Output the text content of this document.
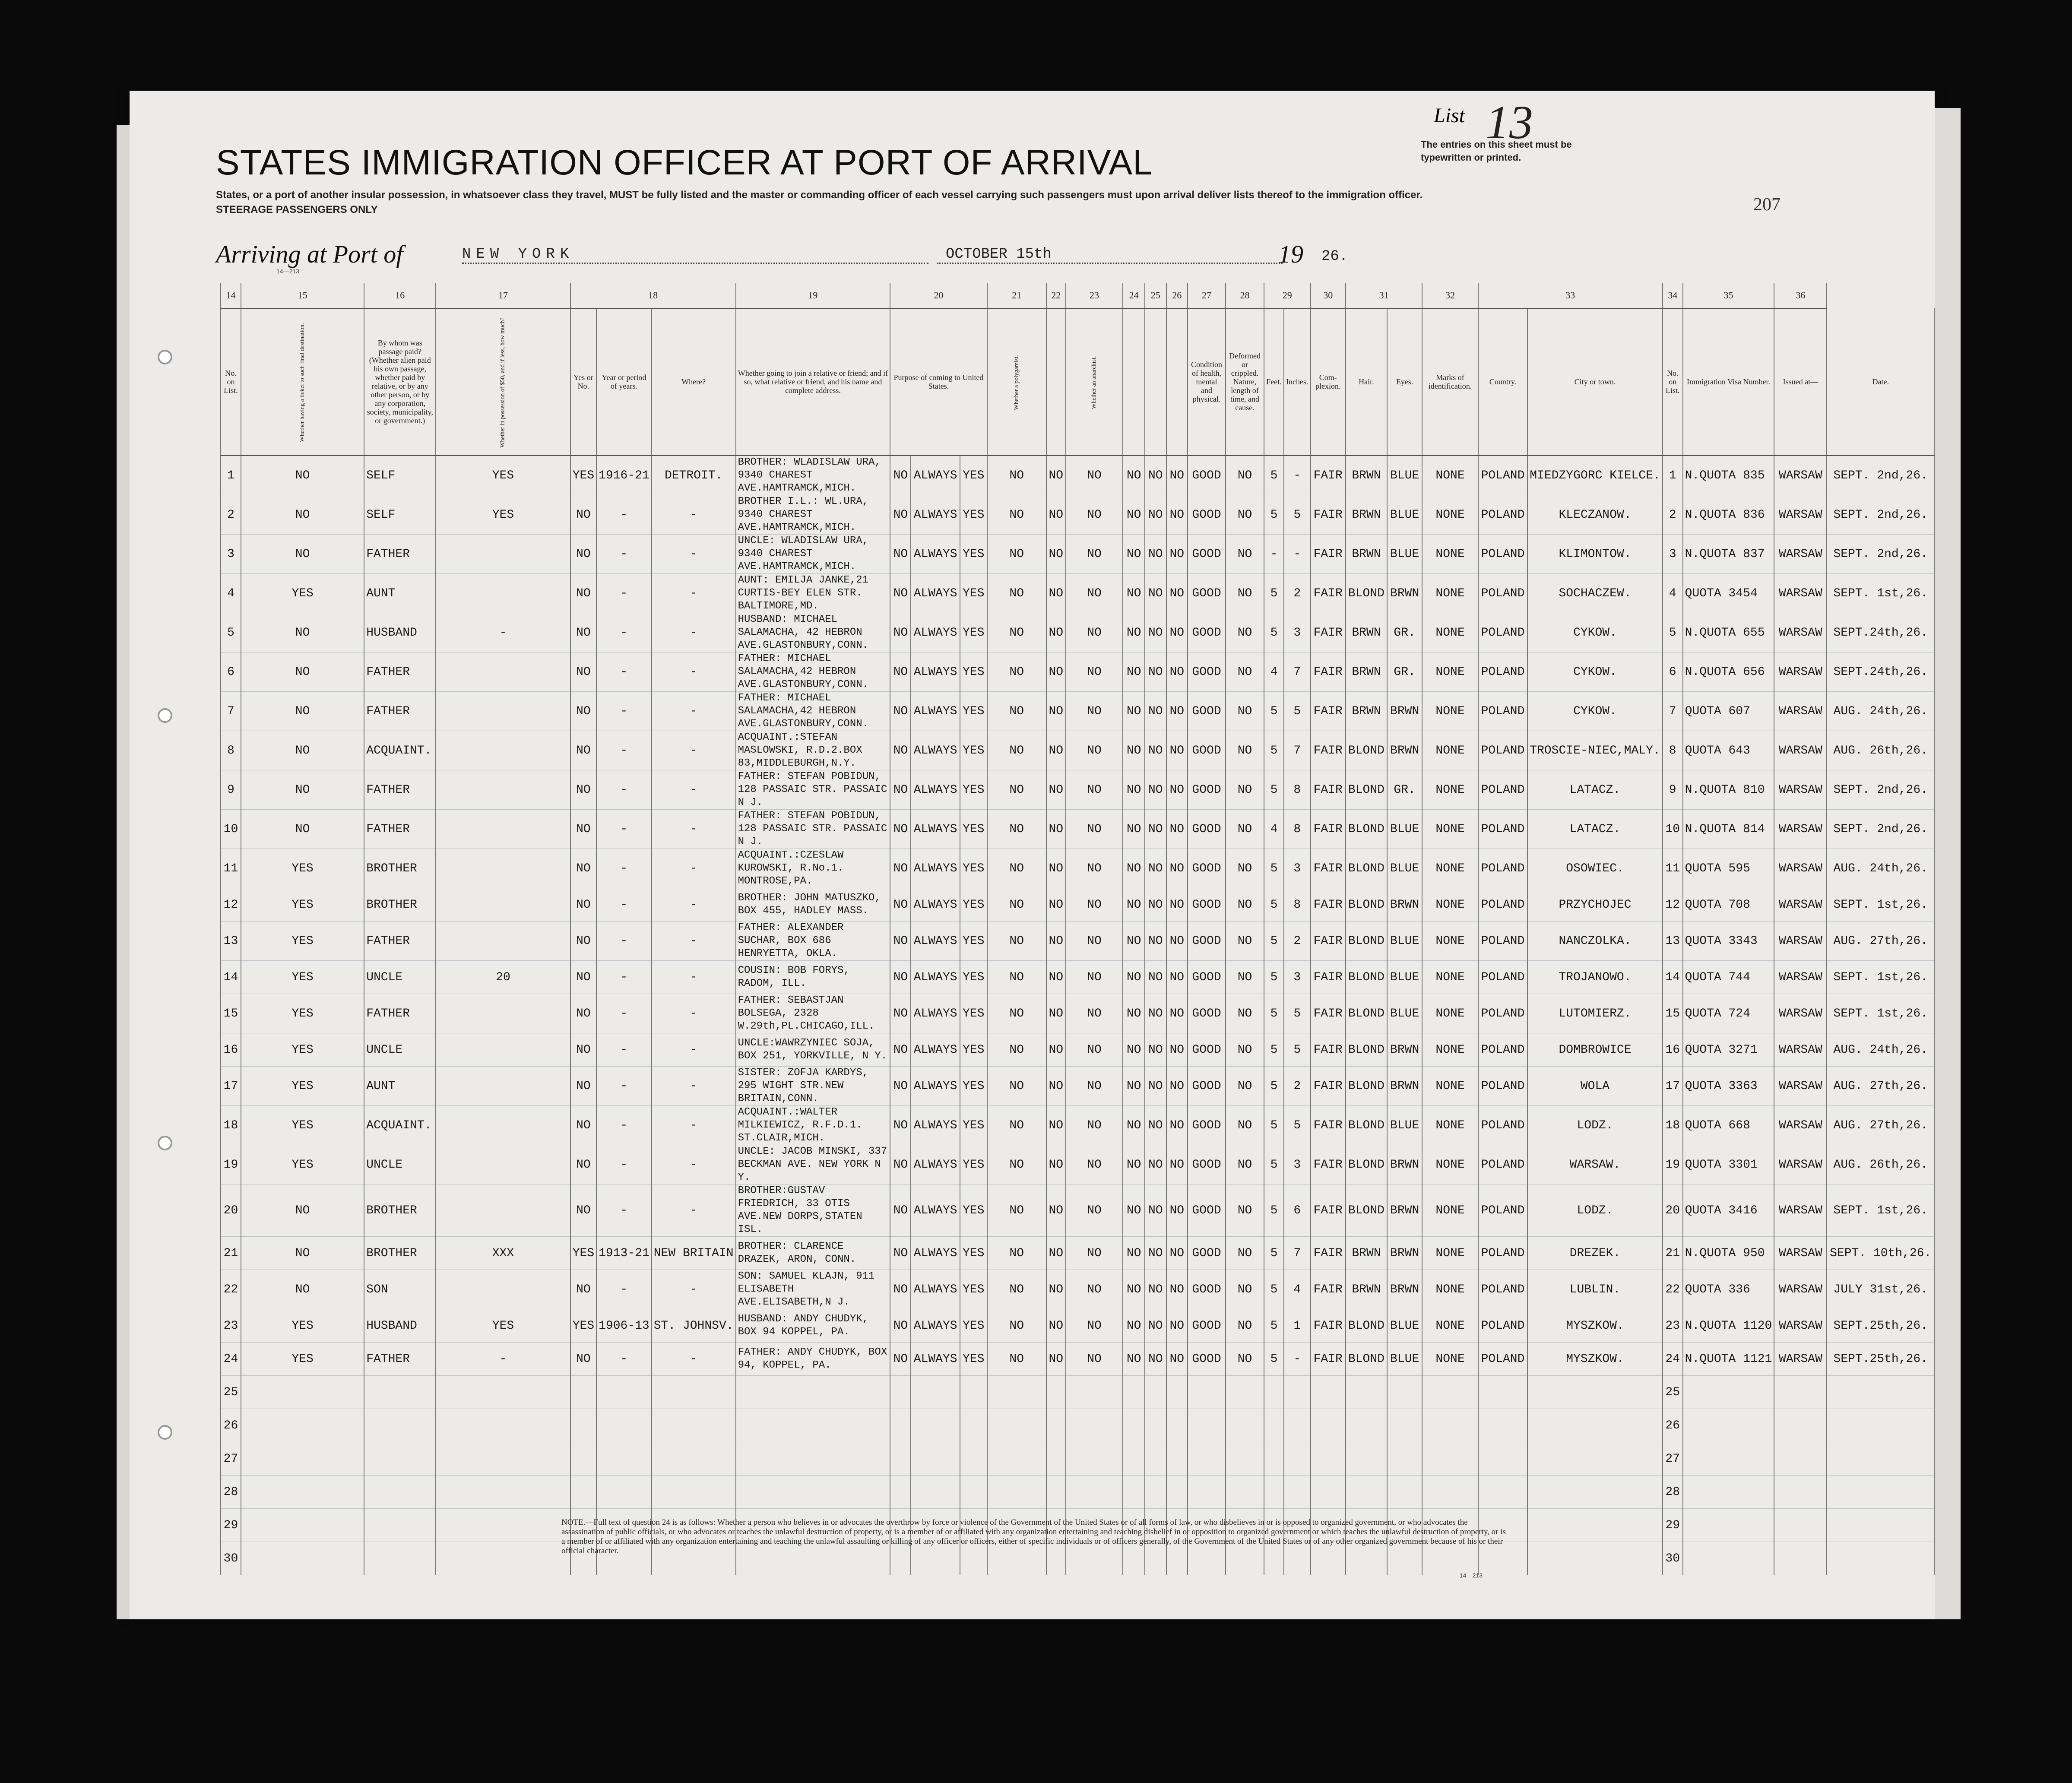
List 13
The entries on this sheet must be typewritten or printed.
207
STATES IMMIGRATION OFFICER AT PORT OF ARRIVAL
States, or a port of another insular possession, in whatsoever class they travel, MUST be fully listed and the master or commanding officer of each vessel carrying such passengers must upon arrival deliver lists thereof to the immigration officer.
STEERAGE PASSENGERS ONLY
Arriving at Port of	NEW YORK	OCTOBER 15th	19 26.
14—213
14	15	16	17	18			19	20			21	22	23	24	25	26	27	28	29		30	31		32	33		34	35	36	
No. on List.	Whether having a ticket to such final destination.	By whom was passage paid? (Whether alien paid his own passage, whether paid by relative, or by any other person, or by any corporation, society, municipality, or government.)	Whether in possession of $50, and if less, how much?	Yes or No.	Year or period of years.	Where?	Whether going to join a relative or friend; and if so, what relative or friend, and his name and complete address.	Purpose of coming to United States.			Whether a polygamist.		Whether an anarchist.				Condition of health, mental and physical.	Deformed or crippled. Nature, length of time, and cause.	Feet.	Inches.	Com-plexion.	Hair.	Eyes.	Marks of identification.	Country.	City or town.	No. on List.	Immigration Visa Number.	Issued at—	Date.
1	NO	SELF	YES	YES	1916-21	DETROIT.	BROTHER: WLADISLAW URA, 9340 CHAREST AVE.HAMTRAMCK,MICH.	NO	ALWAYS	YES	NO	NO	NO	NO	NO	NO	GOOD	NO	5	-	FAIR	BRWN	BLUE	NONE	POLAND	MIEDZYGORC KIELCE.	1	N.QUOTA 835	WARSAW	SEPT. 2nd,26.
2	NO	SELF	YES	NO	-	-	BROTHER I.L.: WL.URA, 9340 CHAREST AVE.HAMTRAMCK,MICH.	NO	ALWAYS	YES	NO	NO	NO	NO	NO	NO	GOOD	NO	5	5	FAIR	BRWN	BLUE	NONE	POLAND	KLECZANOW.	2	N.QUOTA 836	WARSAW	SEPT. 2nd,26.
3	NO	FATHER		NO	-	-	UNCLE: WLADISLAW URA, 9340 CHAREST AVE.HAMTRAMCK,MICH.	NO	ALWAYS	YES	NO	NO	NO	NO	NO	NO	GOOD	NO	-	-	FAIR	BRWN	BLUE	NONE	POLAND	KLIMONTOW.	3	N.QUOTA 837	WARSAW	SEPT. 2nd,26.
4	YES	AUNT		NO	-	-	AUNT: EMILJA JANKE,21 CURTIS-BEY ELEN STR. BALTIMORE,MD.	NO	ALWAYS	YES	NO	NO	NO	NO	NO	NO	GOOD	NO	5	2	FAIR	BLOND	BRWN	NONE	POLAND	SOCHACZEW.	4	QUOTA 3454	WARSAW	SEPT. 1st,26.
5	NO	HUSBAND	-	NO	-	-	HUSBAND: MICHAEL SALAMACHA, 42 HEBRON AVE.GLASTONBURY,CONN.	NO	ALWAYS	YES	NO	NO	NO	NO	NO	NO	GOOD	NO	5	3	FAIR	BRWN	GR.	NONE	POLAND	CYKOW.	5	N.QUOTA 655	WARSAW	SEPT.24th,26.
6	NO	FATHER		NO	-	-	FATHER: MICHAEL SALAMACHA,42 HEBRON AVE.GLASTONBURY,CONN.	NO	ALWAYS	YES	NO	NO	NO	NO	NO	NO	GOOD	NO	4	7	FAIR	BRWN	GR.	NONE	POLAND	CYKOW.	6	N.QUOTA 656	WARSAW	SEPT.24th,26.
7	NO	FATHER		NO	-	-	FATHER: MICHAEL SALAMACHA,42 HEBRON AVE.GLASTONBURY,CONN.	NO	ALWAYS	YES	NO	NO	NO	NO	NO	NO	GOOD	NO	5	5	FAIR	BRWN	BRWN	NONE	POLAND	CYKOW.	7	QUOTA 607	WARSAW	AUG. 24th,26.
8	NO	ACQUAINT.		NO	-	-	ACQUAINT.:STEFAN MASLOWSKI, R.D.2.BOX 83,MIDDLEBURGH,N.Y.	NO	ALWAYS	YES	NO	NO	NO	NO	NO	NO	GOOD	NO	5	7	FAIR	BLOND	BRWN	NONE	POLAND	TROSCIE-NIEC,MALY.	8	QUOTA 643	WARSAW	AUG. 26th,26.
9	NO	FATHER		NO	-	-	FATHER: STEFAN POBIDUN, 128 PASSAIC STR. PASSAIC N J.	NO	ALWAYS	YES	NO	NO	NO	NO	NO	NO	GOOD	NO	5	8	FAIR	BLOND	GR.	NONE	POLAND	LATACZ.	9	N.QUOTA 810	WARSAW	SEPT. 2nd,26.
10	NO	FATHER		NO	-	-	FATHER: STEFAN POBIDUN, 128 PASSAIC STR. PASSAIC N J.	NO	ALWAYS	YES	NO	NO	NO	NO	NO	NO	GOOD	NO	4	8	FAIR	BLOND	BLUE	NONE	POLAND	LATACZ.	10	N.QUOTA 814	WARSAW	SEPT. 2nd,26.
11	YES	BROTHER		NO	-	-	ACQUAINT.:CZESLAW KUROWSKI, R.No.1. MONTROSE,PA.	NO	ALWAYS	YES	NO	NO	NO	NO	NO	NO	GOOD	NO	5	3	FAIR	BLOND	BLUE	NONE	POLAND	OSOWIEC.	11	QUOTA 595	WARSAW	AUG. 24th,26.
12	YES	BROTHER		NO	-	-	BROTHER: JOHN MATUSZKO, BOX 455, HADLEY MASS.	NO	ALWAYS	YES	NO	NO	NO	NO	NO	NO	GOOD	NO	5	8	FAIR	BLOND	BRWN	NONE	POLAND	PRZYCHOJEC	12	QUOTA 708	WARSAW	SEPT. 1st,26.
13	YES	FATHER		NO	-	-	FATHER: ALEXANDER SUCHAR, BOX 686 HENRYETTA, OKLA.	NO	ALWAYS	YES	NO	NO	NO	NO	NO	NO	GOOD	NO	5	2	FAIR	BLOND	BLUE	NONE	POLAND	NANCZOLKA.	13	QUOTA 3343	WARSAW	AUG. 27th,26.
14	YES	UNCLE	20	NO	-	-	COUSIN: BOB FORYS, RADOM, ILL.	NO	ALWAYS	YES	NO	NO	NO	NO	NO	NO	GOOD	NO	5	3	FAIR	BLOND	BLUE	NONE	POLAND	TROJANOWO.	14	QUOTA 744	WARSAW	SEPT. 1st,26.
15	YES	FATHER		NO	-	-	FATHER: SEBASTJAN BOLSEGA, 2328 W.29th,PL.CHICAGO,ILL.	NO	ALWAYS	YES	NO	NO	NO	NO	NO	NO	GOOD	NO	5	5	FAIR	BLOND	BLUE	NONE	POLAND	LUTOMIERZ.	15	QUOTA 724	WARSAW	SEPT. 1st,26.
16	YES	UNCLE		NO	-	-	UNCLE:WAWRZYNIEC SOJA, BOX 251, YORKVILLE, N Y.	NO	ALWAYS	YES	NO	NO	NO	NO	NO	NO	GOOD	NO	5	5	FAIR	BLOND	BRWN	NONE	POLAND	DOMBROWICE	16	QUOTA 3271	WARSAW	AUG. 24th,26.
17	YES	AUNT		NO	-	-	SISTER: ZOFJA KARDYS, 295 WIGHT STR.NEW BRITAIN,CONN.	NO	ALWAYS	YES	NO	NO	NO	NO	NO	NO	GOOD	NO	5	2	FAIR	BLOND	BRWN	NONE	POLAND	WOLA	17	QUOTA 3363	WARSAW	AUG. 27th,26.
18	YES	ACQUAINT.		NO	-	-	ACQUAINT.:WALTER MILKIEWICZ, R.F.D.1. ST.CLAIR,MICH.	NO	ALWAYS	YES	NO	NO	NO	NO	NO	NO	GOOD	NO	5	5	FAIR	BLOND	BLUE	NONE	POLAND	LODZ.	18	QUOTA 668	WARSAW	AUG. 27th,26.
19	YES	UNCLE		NO	-	-	UNCLE: JACOB MINSKI, 337 BECKMAN AVE. NEW YORK N Y.	NO	ALWAYS	YES	NO	NO	NO	NO	NO	NO	GOOD	NO	5	3	FAIR	BLOND	BRWN	NONE	POLAND	WARSAW.	19	QUOTA 3301	WARSAW	AUG. 26th,26.
20	NO	BROTHER		NO	-	-	BROTHER:GUSTAV FRIEDRICH, 33 OTIS AVE.NEW DORPS,STATEN ISL.	NO	ALWAYS	YES	NO	NO	NO	NO	NO	NO	GOOD	NO	5	6	FAIR	BLOND	BRWN	NONE	POLAND	LODZ.	20	QUOTA 3416	WARSAW	SEPT. 1st,26.
21	NO	BROTHER	XXX	YES	1913-21	NEW BRITAIN	BROTHER: CLARENCE DRAZEK, ARON, CONN.	NO	ALWAYS	YES	NO	NO	NO	NO	NO	NO	GOOD	NO	5	7	FAIR	BRWN	BRWN	NONE	POLAND	DREZEK.	21	N.QUOTA 950	WARSAW	SEPT. 10th,26.
22	NO	SON		NO	-	-	SON: SAMUEL KLAJN, 911 ELISABETH AVE.ELISABETH,N J.	NO	ALWAYS	YES	NO	NO	NO	NO	NO	NO	GOOD	NO	5	4	FAIR	BRWN	BRWN	NONE	POLAND	LUBLIN.	22	QUOTA 336	WARSAW	JULY 31st,26.
23	YES	HUSBAND	YES	YES	1906-13	ST. JOHNSV.	HUSBAND: ANDY CHUDYK, BOX 94 KOPPEL, PA.	NO	ALWAYS	YES	NO	NO	NO	NO	NO	NO	GOOD	NO	5	1	FAIR	BLOND	BLUE	NONE	POLAND	MYSZKOW.	23	N.QUOTA 1120	WARSAW	SEPT.25th,26.
24	YES	FATHER	-	NO	-	-	FATHER: ANDY CHUDYK, BOX 94, KOPPEL, PA.	NO	ALWAYS	YES	NO	NO	NO	NO	NO	NO	GOOD	NO	5	-	FAIR	BLOND	BLUE	NONE	POLAND	MYSZKOW.	24	N.QUOTA 1121	WARSAW	SEPT.25th,26.
25																											25			
26																											26			
27																											27			
28																											28			
29																											29			
30																											30			
NOTE.—Full text of question 24 is as follows: Whether a person who believes in or advocates the overthrow by force or violence of the Government of the United States or of all forms of law, or who disbelieves in or is opposed to organized government, or who advocates the assassination of public officials, or who advocates or teaches the unlawful destruction of property, or is a member of or affiliated with any organization entertaining and teaching disbelief in or opposition to organized government or which teaches the unlawful destruction of property, or is a member of or affiliated with any organization entertaining and teaching the unlawful assaulting or killing of any officer or officers, either of specific individuals or of officers generally, of the Government of the United States or of any other organized government because of his or their official character.
14—213
